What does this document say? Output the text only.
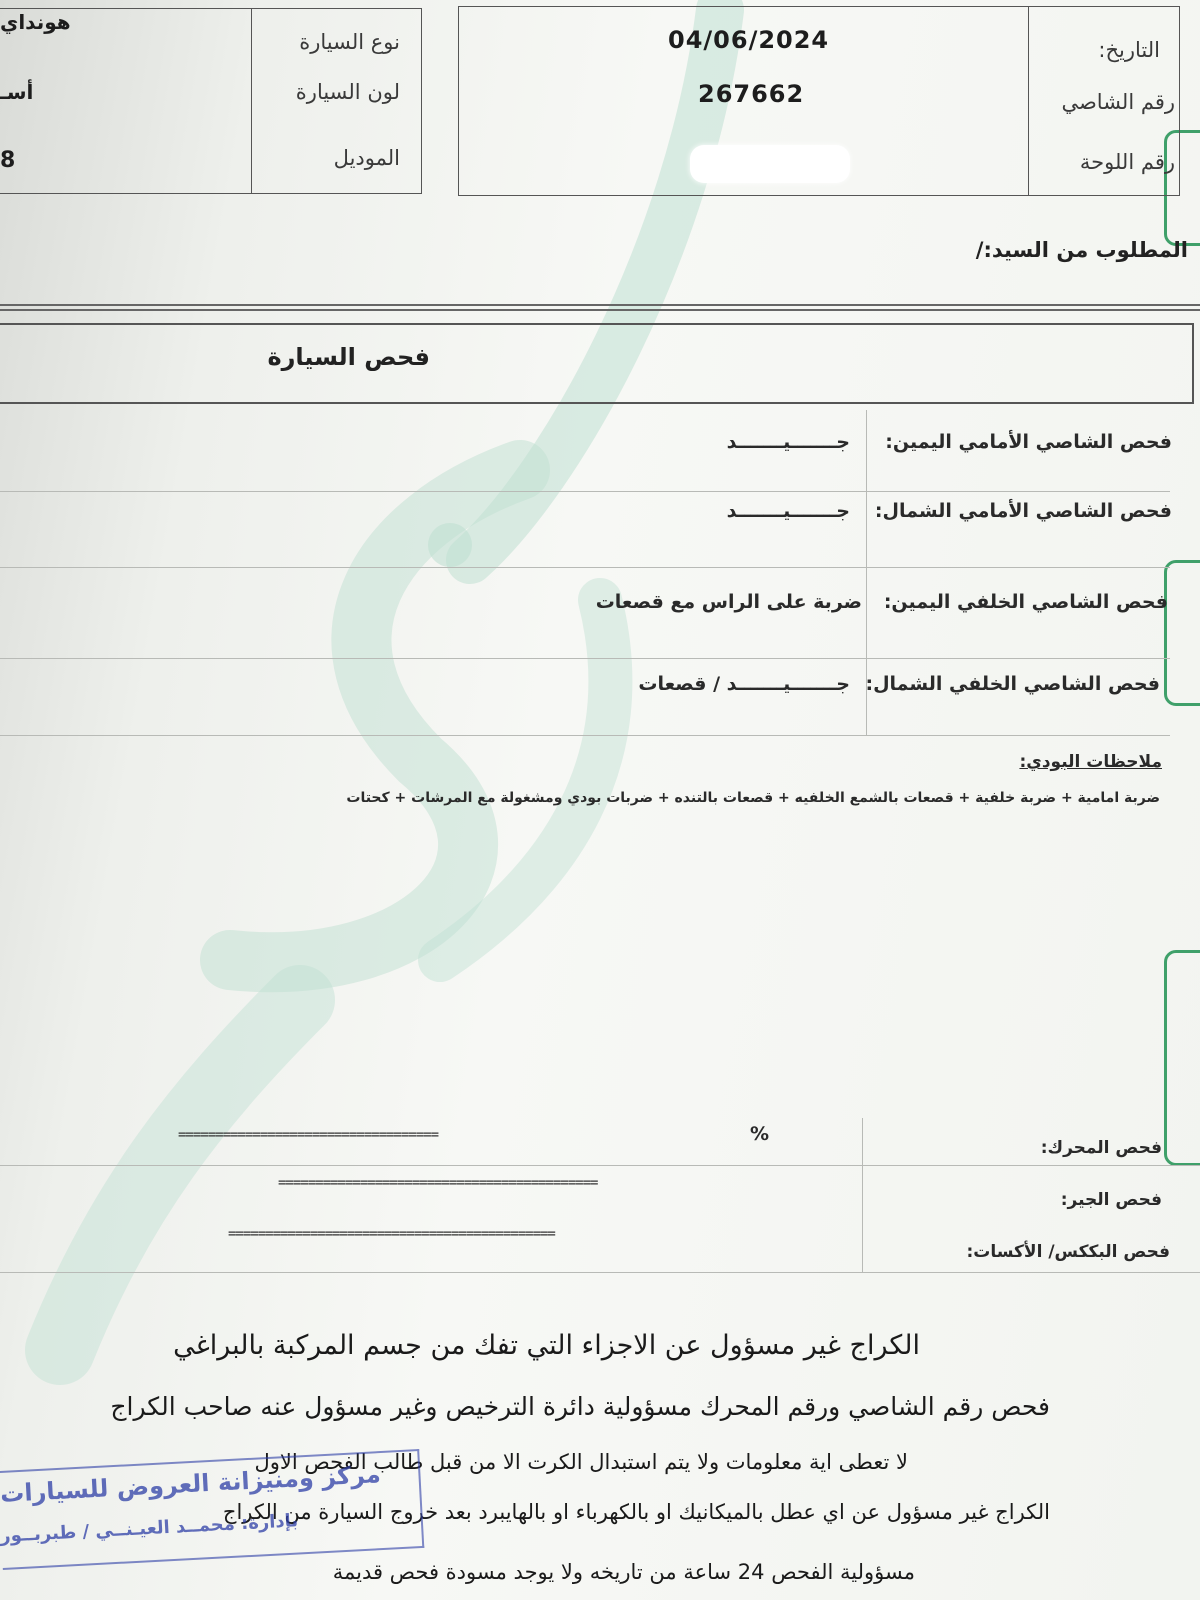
نوع السيارة
لون السيارة
الموديل
هونداي
أسـ
8
التاريخ:
رقم الشاصي
رقم اللوحة
04/06/2024
267662
المطلوب من السيد:/
فحص السيارة
فحص الشاصي الأمامي اليمين:
جـــــــيـــــــد
فحص الشاصي الأمامي الشمال:
جـــــــيـــــــد
فحص الشاصي الخلفي اليمين:
ضربة على الراس مع قصعات
فحص الشاصي الخلفي الشمال:
جـــــــيـــــــد / قصعات
ملاحظات البودي:
ضربة امامية + ضربة خلفية + قصعات بالشمع الخلفيه + قصعات بالتنده + ضربات بودي ومشغولة مع المرشات + كحتات
فحص المحرك:
%
===================================
فحص الجير:
===========================================
فحص البككس/ الأكسات:
============================================
الكراج غير مسؤول عن الاجزاء التي تفك من جسم المركبة بالبراغي
فحص رقم الشاصي ورقم المحرك مسؤولية دائرة الترخيص وغير مسؤول عنه صاحب الكراج
لا تعطى اية معلومات ولا يتم استبدال الكرت الا من قبل طالب الفحص الاول
الكراج غير مسؤول عن اي عطل بالميكانيك او بالكهرباء او بالهايبرد بعد خروج السيارة من الكراج
مسؤولية الفحص 24 ساعة من تاريخه ولا يوجد مسودة فحص قديمة
مركز ومنيزانة العروض للسيارات
بإدارة: محمــد العيـنــي / طبربــور
